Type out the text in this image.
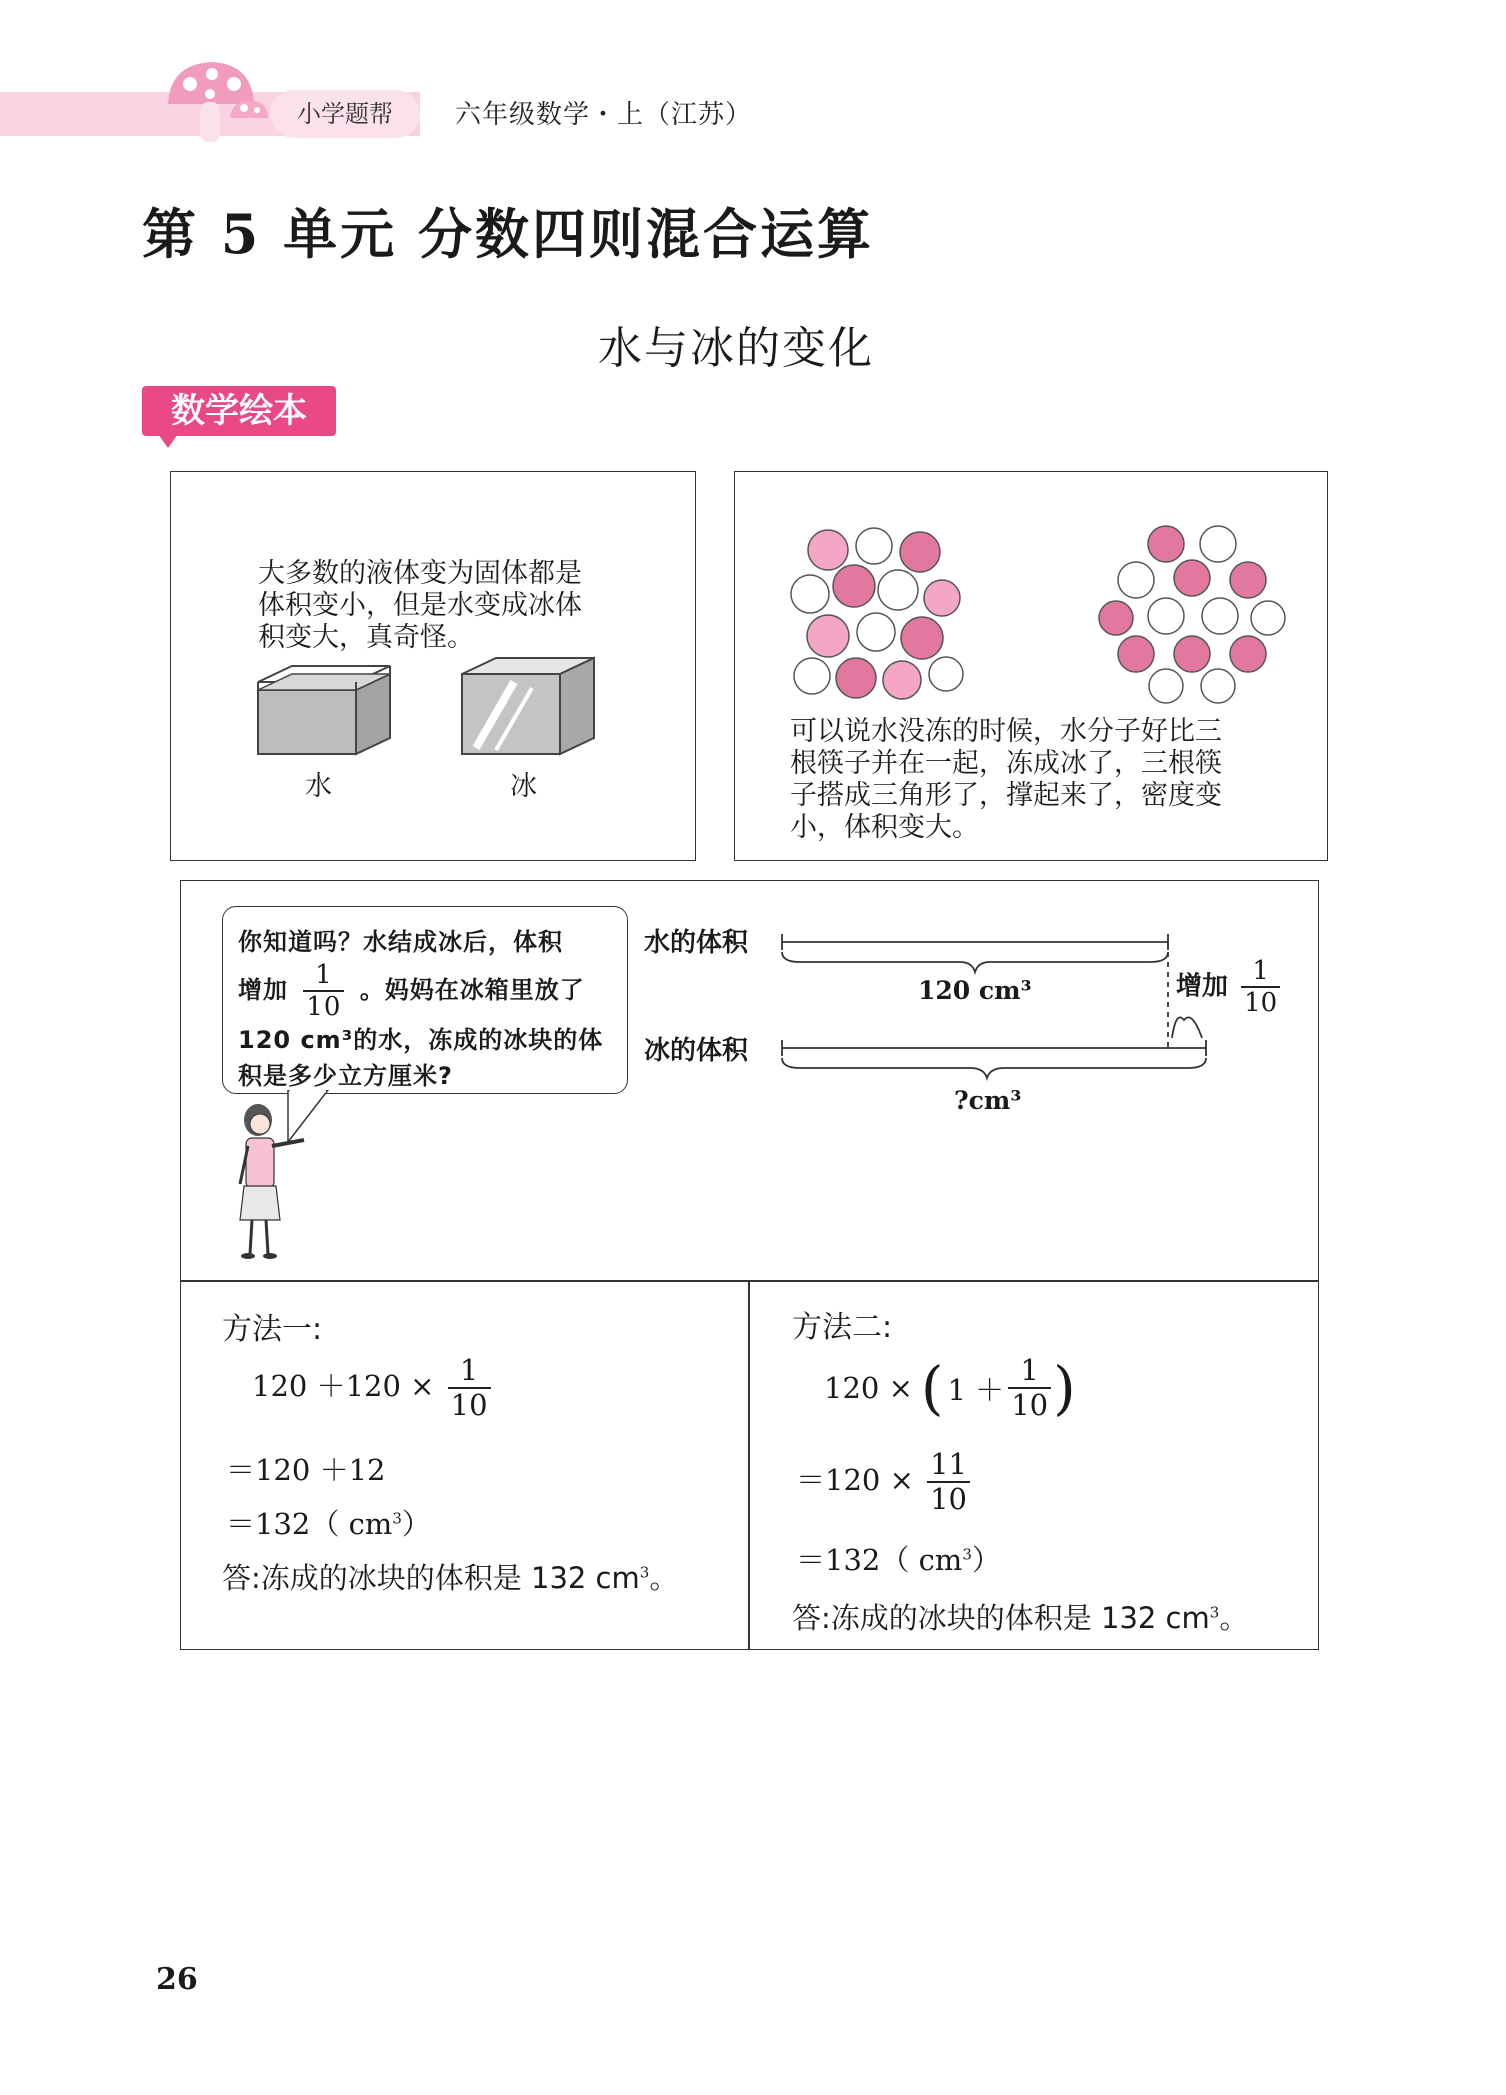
小学题帮	六年级数学・上（江苏）
第 5 单元 分数四则混合运算
水与冰的变化
数学绘本
大多数的液体变为固体都是
体积变小，但是水变成冰体
积变大，真奇怪。
水	冰
可以说水没冻的时候，水分子好比三
根筷子并在一起，冻成冰了，三根筷
子搭成三角形了，撑起来了，密度变
小，体积变大。
你知道吗？水结成冰后，体积
增加 $\frac{1}{10}$ 。妈妈在冰箱里放了
120 cm³的水，冻成的冰块的体
积是多少立方厘米?
水的体积
冰的体积
120 cm³
?cm³
增加 $\frac{1}{10}$
方法一:
$120 +120 \times \frac{1}{10}$
＝120 ＋12
＝132（ $cm^3$）
答:冻成的冰块的体积是 132 $cm^3$。
方法二:
120 × ( $1 + \frac{1}{10}$ )
$=120 \times \frac{11}{10}$
＝132（ $cm^3$）
答:冻成的冰块的体积是 132 $cm^3$。
26
